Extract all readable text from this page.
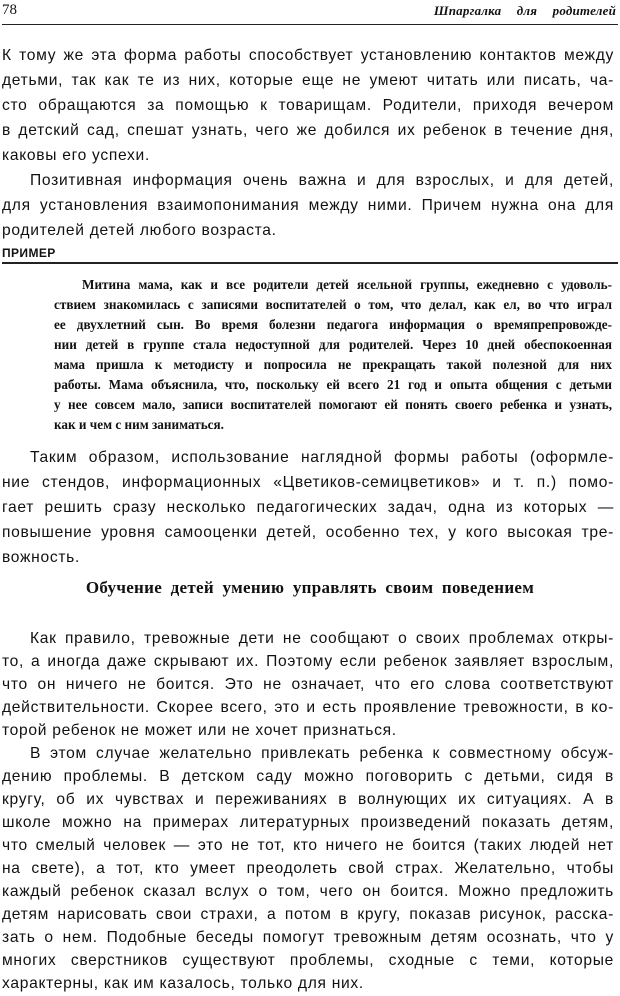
78	Шпаргалка для родителей
К тому же эта форма работы способствует установлению контактов между
детьми, так как те из них, которые еще не умеют читать или писать, ча-
сто обращаются за помощью к товарищам. Родители, приходя вечером
в детский сад, спешат узнать, чего же добился их ребенок в течение дня,
каковы его успехи.
Позитивная информация очень важна и для взрослых, и для детей,
для установления взаимопонимания между ними. Причем нужна она для
родителей детей любого возраста.
ПРИМЕР
Митина мама, как и все родители детей ясельной группы, ежедневно с удоволь-
ствием знакомилась с записями воспитателей о том, что делал, как ел, во что играл
ее двухлетний сын. Во время болезни педагога информация о времяпрепровожде-
нии детей в группе стала недоступной для родителей. Через 10 дней обеспокоенная
мама пришла к методисту и попросила не прекращать такой полезной для них
работы. Мама объяснила, что, поскольку ей всего 21 год и опыта общения с детьми
у нее совсем мало, записи воспитателей помогают ей понять своего ребенка и узнать,
как и чем с ним заниматься.
Таким образом, использование наглядной формы работы (оформле-
ние стендов, информационных «Цветиков-семицветиков» и т. п.) помо-
гает решить сразу несколько педагогических задач, одна из которых —
повышение уровня самооценки детей, особенно тех, у кого высокая тре-
вожность.
Обучение детей умению управлять своим поведением
Как правило, тревожные дети не сообщают о своих проблемах откры-
то, а иногда даже скрывают их. Поэтому если ребенок заявляет взрослым,
что он ничего не боится. Это не означает, что его слова соответствуют
действительности. Скорее всего, это и есть проявление тревожности, в ко-
торой ребенок не может или не хочет признаться.
В этом случае желательно привлекать ребенка к совместному обсуж-
дению проблемы. В детском саду можно поговорить с детьми, сидя в
кругу, об их чувствах и переживаниях в волнующих их ситуациях. А в
школе можно на примерах литературных произведений показать детям,
что смелый человек — это не тот, кто ничего не боится (таких людей нет
на свете), а тот, кто умеет преодолеть свой страх. Желательно, чтобы
каждый ребенок сказал вслух о том, чего он боится. Можно предложить
детям нарисовать свои страхи, а потом в кругу, показав рисунок, расска-
зать о нем. Подобные беседы помогут тревожным детям осознать, что у
многих сверстников существуют проблемы, сходные с теми, которые
характерны, как им казалось, только для них.
